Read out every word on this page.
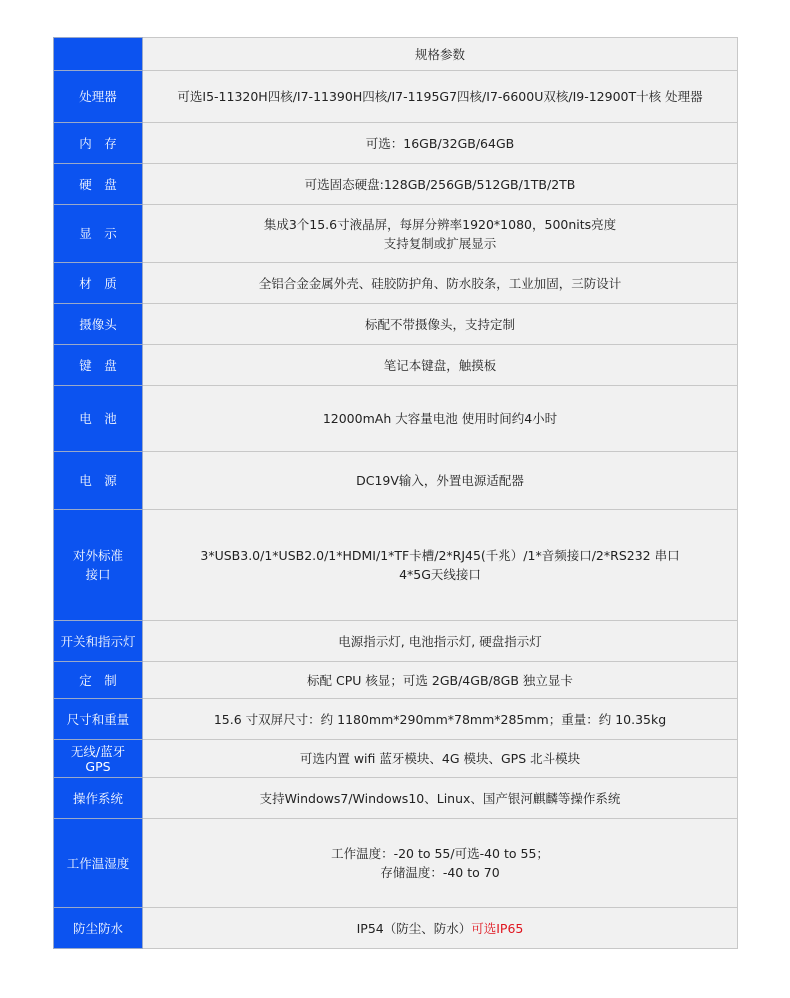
	规格参数
处理器	可选I5-11320H四核/I7-11390H四核/I7-1195G7四核/I7-6600U双核/I9-12900T十核 处理器
内　存	可选：16GB/32GB/64GB
硬　盘	可选固态硬盘:128GB/256GB/512GB/1TB/2TB
显　示	集成3个15.6寸液晶屏，每屏分辨率1920*1080，500nits亮度
支持复制或扩展显示

材　质	全铝合金金属外壳、硅胶防护角、防水胶条，工业加固，三防设计
摄像头	标配不带摄像头，支持定制
键　盘	笔记本键盘，触摸板
电　池	12000mAh 大容量电池 使用时间约4小时
电　源	DC19V输入，外置电源适配器

对外标准
接口	3*USB3.0/1*USB2.0/1*HDMI/1*TF卡槽/2*RJ45(千兆）/1*音频接口/2*RS232 串口
4*5G天线接口

开关和指示灯	电源指示灯, 电池指示灯, 硬盘指示灯
定　制	标配 CPU 核显；可选 2GB/4GB/8GB 独立显卡
尺寸和重量	15.6 寸双屏尺寸：约 1180mm*290mm*78mm*285mm；重量：约 10.35kg

无线/蓝牙
GPS	可选内置 wifi 蓝牙模块、4G 模块、GPS 北斗模块
操作系统	支持Windows7/Windows10、Linux、国产银河麒麟等操作系统
工作温湿度	工作温度：-20 to 55/可选-40 to 55；
存储温度：-40 to 70

防尘防水	IP54（防尘、防水）可选IP65
